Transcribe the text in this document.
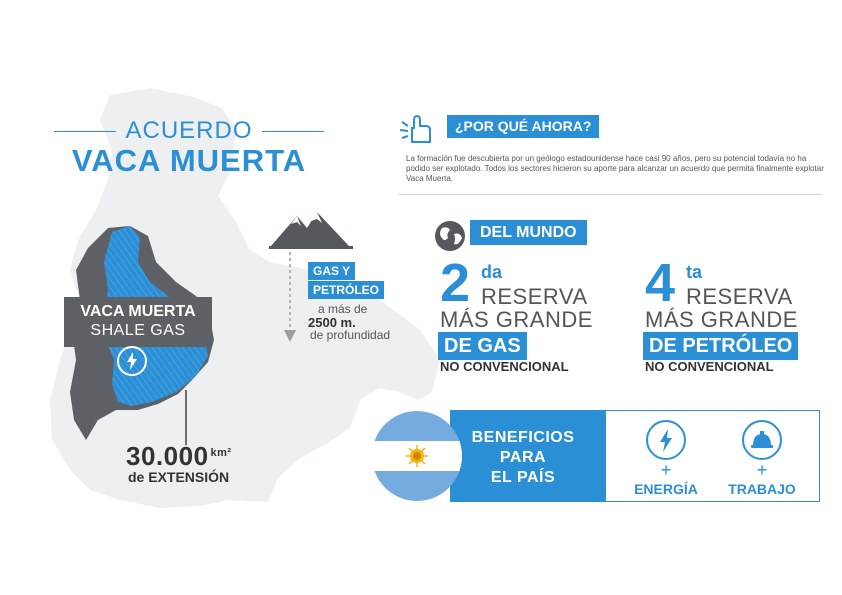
ACUERDO
VACA MUERTA
VACA MUERTA
SHALE GAS
30.000 $^{km^2}$
de EXTENSIÓN
GAS Y
PETRÓLEO
a más de
2500 m.
de profundidad
¿POR QUÉ AHORA?
La formación fue descubierta por un geólogo estadounidense hace casi 90 años, pero su potencial todavía no ha podido ser explotado. Todos los sectores hicieron su aporte para alcanzar un acuerdo que permita finalmente explotar Vaca Muerta.
DEL MUNDO
2 da
RESERVA
MÁS GRANDE
DE GAS
NO CONVENCIONAL
4 ta
RESERVA
MÁS GRANDE
DE PETRÓLEO
NO CONVENCIONAL
BENEFICIOS
PARA
EL PAÍS	+
ENERGÍA
+
TRABAJO
